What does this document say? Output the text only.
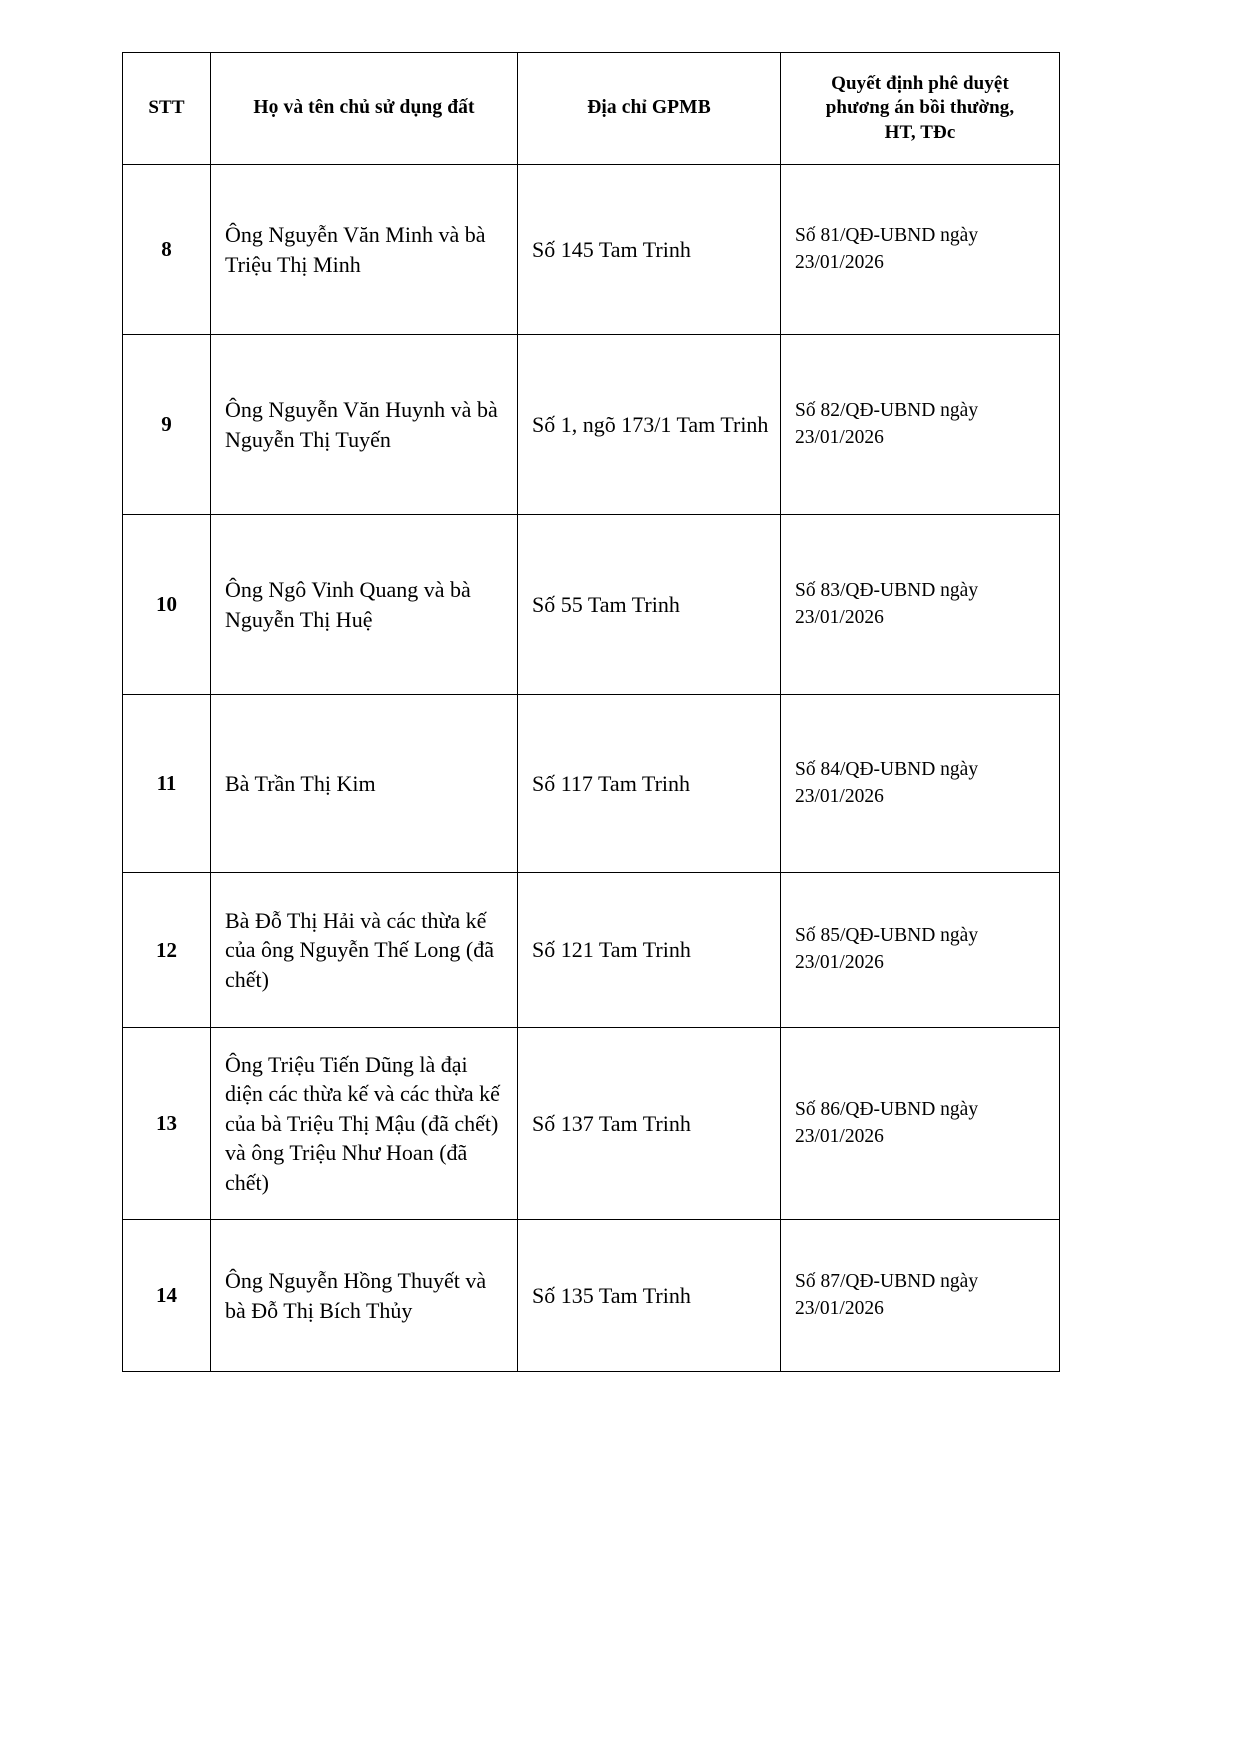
STT	Họ và tên chủ sử dụng đất	Địa chỉ GPMB	Quyết định phê duyệt
phương án bồi thường,
HT, TĐc
8	Ông Nguyễn Văn Minh và bà Triệu Thị Minh	Số 145 Tam Trinh	Số 81/QĐ-UBND ngày 23/01/2026
9	Ông Nguyễn Văn Huynh và bà Nguyễn Thị Tuyến	Số 1, ngõ 173/1 Tam Trinh	Số 82/QĐ-UBND ngày 23/01/2026
10	Ông Ngô Vinh Quang và bà Nguyễn Thị Huệ	Số 55 Tam Trinh	Số 83/QĐ-UBND ngày 23/01/2026
11	Bà Trần Thị Kim	Số 117 Tam Trinh	Số 84/QĐ-UBND ngày 23/01/2026
12	Bà Đỗ Thị Hải và các thừa kế của ông Nguyễn Thế Long (đã chết)	Số 121 Tam Trinh	Số 85/QĐ-UBND ngày 23/01/2026
13	Ông Triệu Tiến Dũng là đại diện các thừa kế và các thừa kế của bà Triệu Thị Mậu (đã chết) và ông Triệu Như Hoan (đã chết)	Số 137 Tam Trinh	Số 86/QĐ-UBND ngày 23/01/2026
14	Ông Nguyễn Hồng Thuyết và bà Đỗ Thị Bích Thủy	Số 135 Tam Trinh	Số 87/QĐ-UBND ngày 23/01/2026
